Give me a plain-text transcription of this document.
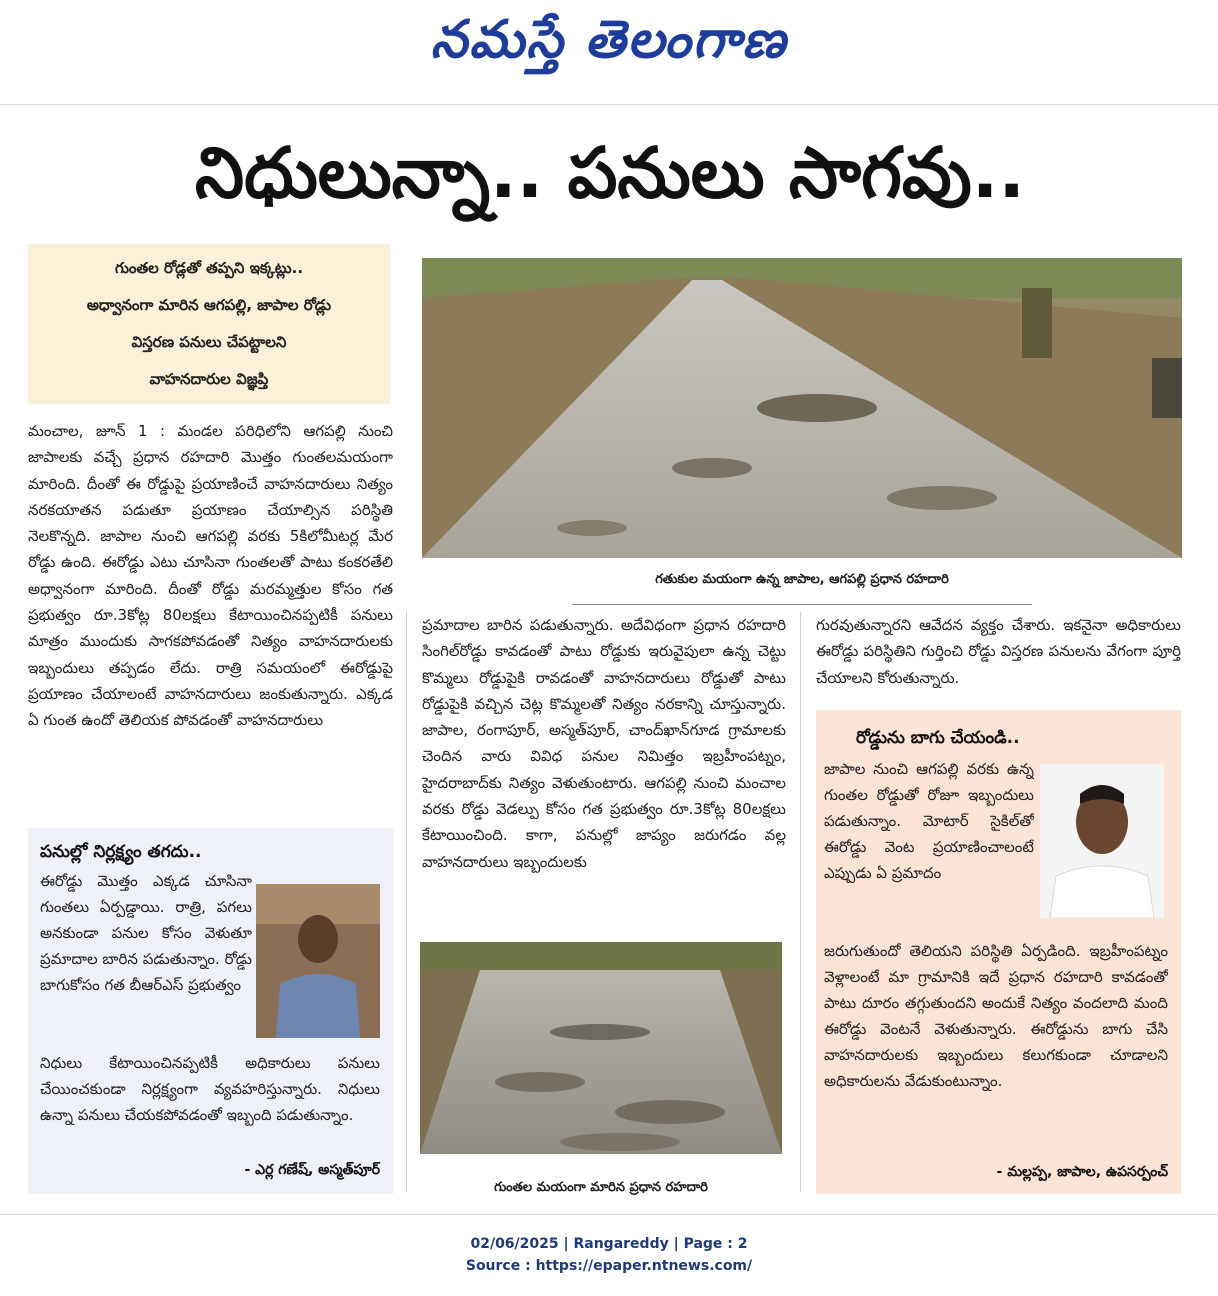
నమస్తే తెలంగాణ
నిధులున్నా.. పనులు సాగవు..
గుంతల రోడ్లతో తప్పని ఇక్కట్లు..
అధ్వానంగా మారిన ఆగపల్లి, జాపాల రోడ్లు
విస్తరణ పనులు చేపట్టాలని
వాహనదారుల విజ్ఞప్తి
మంచాల, జూన్ 1 : మండల పరిధిలోని ఆగపల్లి నుంచి జాపాలకు వచ్చే ప్రధాన రహదారి మొత్తం గుంతలమయంగా మారింది. దీంతో ఈ రోడ్డుపై ప్రయాణించే వాహనదారులు నిత్యం నరకయాతన పడుతూ ప్రయాణం చేయాల్సిన పరిస్థితి నెలకొన్నది. జాపాల నుంచి ఆగపల్లి వరకు 5కిలోమీటర్ల మేర రోడ్డు ఉంది. ఈరోడ్డు ఎటు చూసినా గుంతలతో పాటు కంకరతేలి అధ్వానంగా మారింది. దీంతో రోడ్డు మరమ్మత్తుల కోసం గత ప్రభుత్వం రూ.3కోట్ల 80లక్షలు కేటాయించినప్పటికీ పనులు మాత్రం ముందుకు సాగకపోవడంతో నిత్యం వాహనదారులకు ఇబ్బందులు తప్పడం లేదు. రాత్రి సమయంలో ఈరోడ్డుపై ప్రయాణం చేయాలంటే వాహనదారులు జంకుతున్నారు. ఎక్కడ ఏ గుంత ఉందో తెలియక పోవడంతో వాహనదారులు
గతుకుల మయంగా ఉన్న జాపాల, ఆగపల్లి ప్రధాన రహదారి
ప్రమాదాల బారిన పడుతున్నారు. అదేవిధంగా ప్రధాన రహదారి సింగిల్‌రోడ్డు కావడంతో పాటు రోడ్డుకు ఇరువైపులా ఉన్న చెట్టు కొమ్మలు రోడ్డుపైకి రావడంతో వాహనదారులు రోడ్డుతో పాటు రోడ్డుపైకి వచ్చిన చెట్ల కొమ్మలతో నిత్యం నరకాన్ని చూస్తున్నారు. జాపాల, రంగాపూర్, అస్మత్‌పూర్, చాంద్‌ఖాన్‌గూడ గ్రామాలకు చెందిన వారు వివిధ పనుల నిమిత్తం ఇబ్రహీంపట్నం, హైదరాబాద్‌కు నిత్యం వెళుతుంటారు. ఆగపల్లి నుంచి మంచాల వరకు రోడ్డు వెడల్పు కోసం గత ప్రభుత్వం రూ.3కోట్ల 80లక్షలు కేటాయించింది. కాగా, పనుల్లో జాప్యం జరుగడం వల్ల వాహనదారులు ఇబ్బందులకు
గురవుతున్నారని ఆవేదన వ్యక్తం చేశారు. ఇకనైనా అధికారులు ఈరోడ్డు పరిస్థితిని గుర్తించి రోడ్డు విస్తరణ పనులను వేగంగా పూర్తి చేయాలని కోరుతున్నారు.
గుంతల మయంగా మారిన ప్రధాన రహదారి
పనుల్లో నిర్లక్ష్యం తగదు..
ఈరోడ్డు మొత్తం ఎక్కడ చూసినా గుంతలు ఏర్పడ్డాయి. రాత్రి, పగలు అనకుండా పనుల కోసం వెళుతూ ప్రమాదాల బారిన పడుతున్నాం. రోడ్డు బాగుకోసం గత బీఆర్‌ఎస్ ప్రభుత్వం
నిధులు కేటాయించినప్పటికీ అధికారులు పనులు చేయించకుండా నిర్లక్ష్యంగా వ్యవహరిస్తున్నారు. నిధులు ఉన్నా పనులు చేయకపోవడంతో ఇబ్బంది పడుతున్నాం.
- ఎర్ల గణేష్, అస్మత్‌పూర్
రోడ్డును బాగు చేయండి..
జాపాల నుంచి ఆగపల్లి వరకు ఉన్న గుంతల రోడ్డుతో రోజూ ఇబ్బందులు పడుతున్నాం. మోటార్ సైకిల్‌తో ఈరోడ్డు వెంట ప్రయాణించాలంటే ఎప్పుడు ఏ ప్రమాదం
జరుగుతుందో తెలియని పరిస్థితి ఏర్పడింది. ఇబ్రహీంపట్నం వెళ్లాలంటే మా గ్రామానికి ఇదే ప్రధాన రహదారి కావడంతో పాటు దూరం తగ్గుతుందని అందుకే నిత్యం వందలాది మంది ఈరోడ్డు వెంటనే వెళుతున్నారు. ఈరోడ్డును బాగు చేసి వాహనదారులకు ఇబ్బందులు కలుగకుండా చూడాలని అధికారులను వేడుకుంటున్నాం.
- మల్లప్ప, జాపాల, ఉపసర్పంచ్
02/06/2025 | Rangareddy | Page : 2
Source : https://epaper.ntnews.com/
